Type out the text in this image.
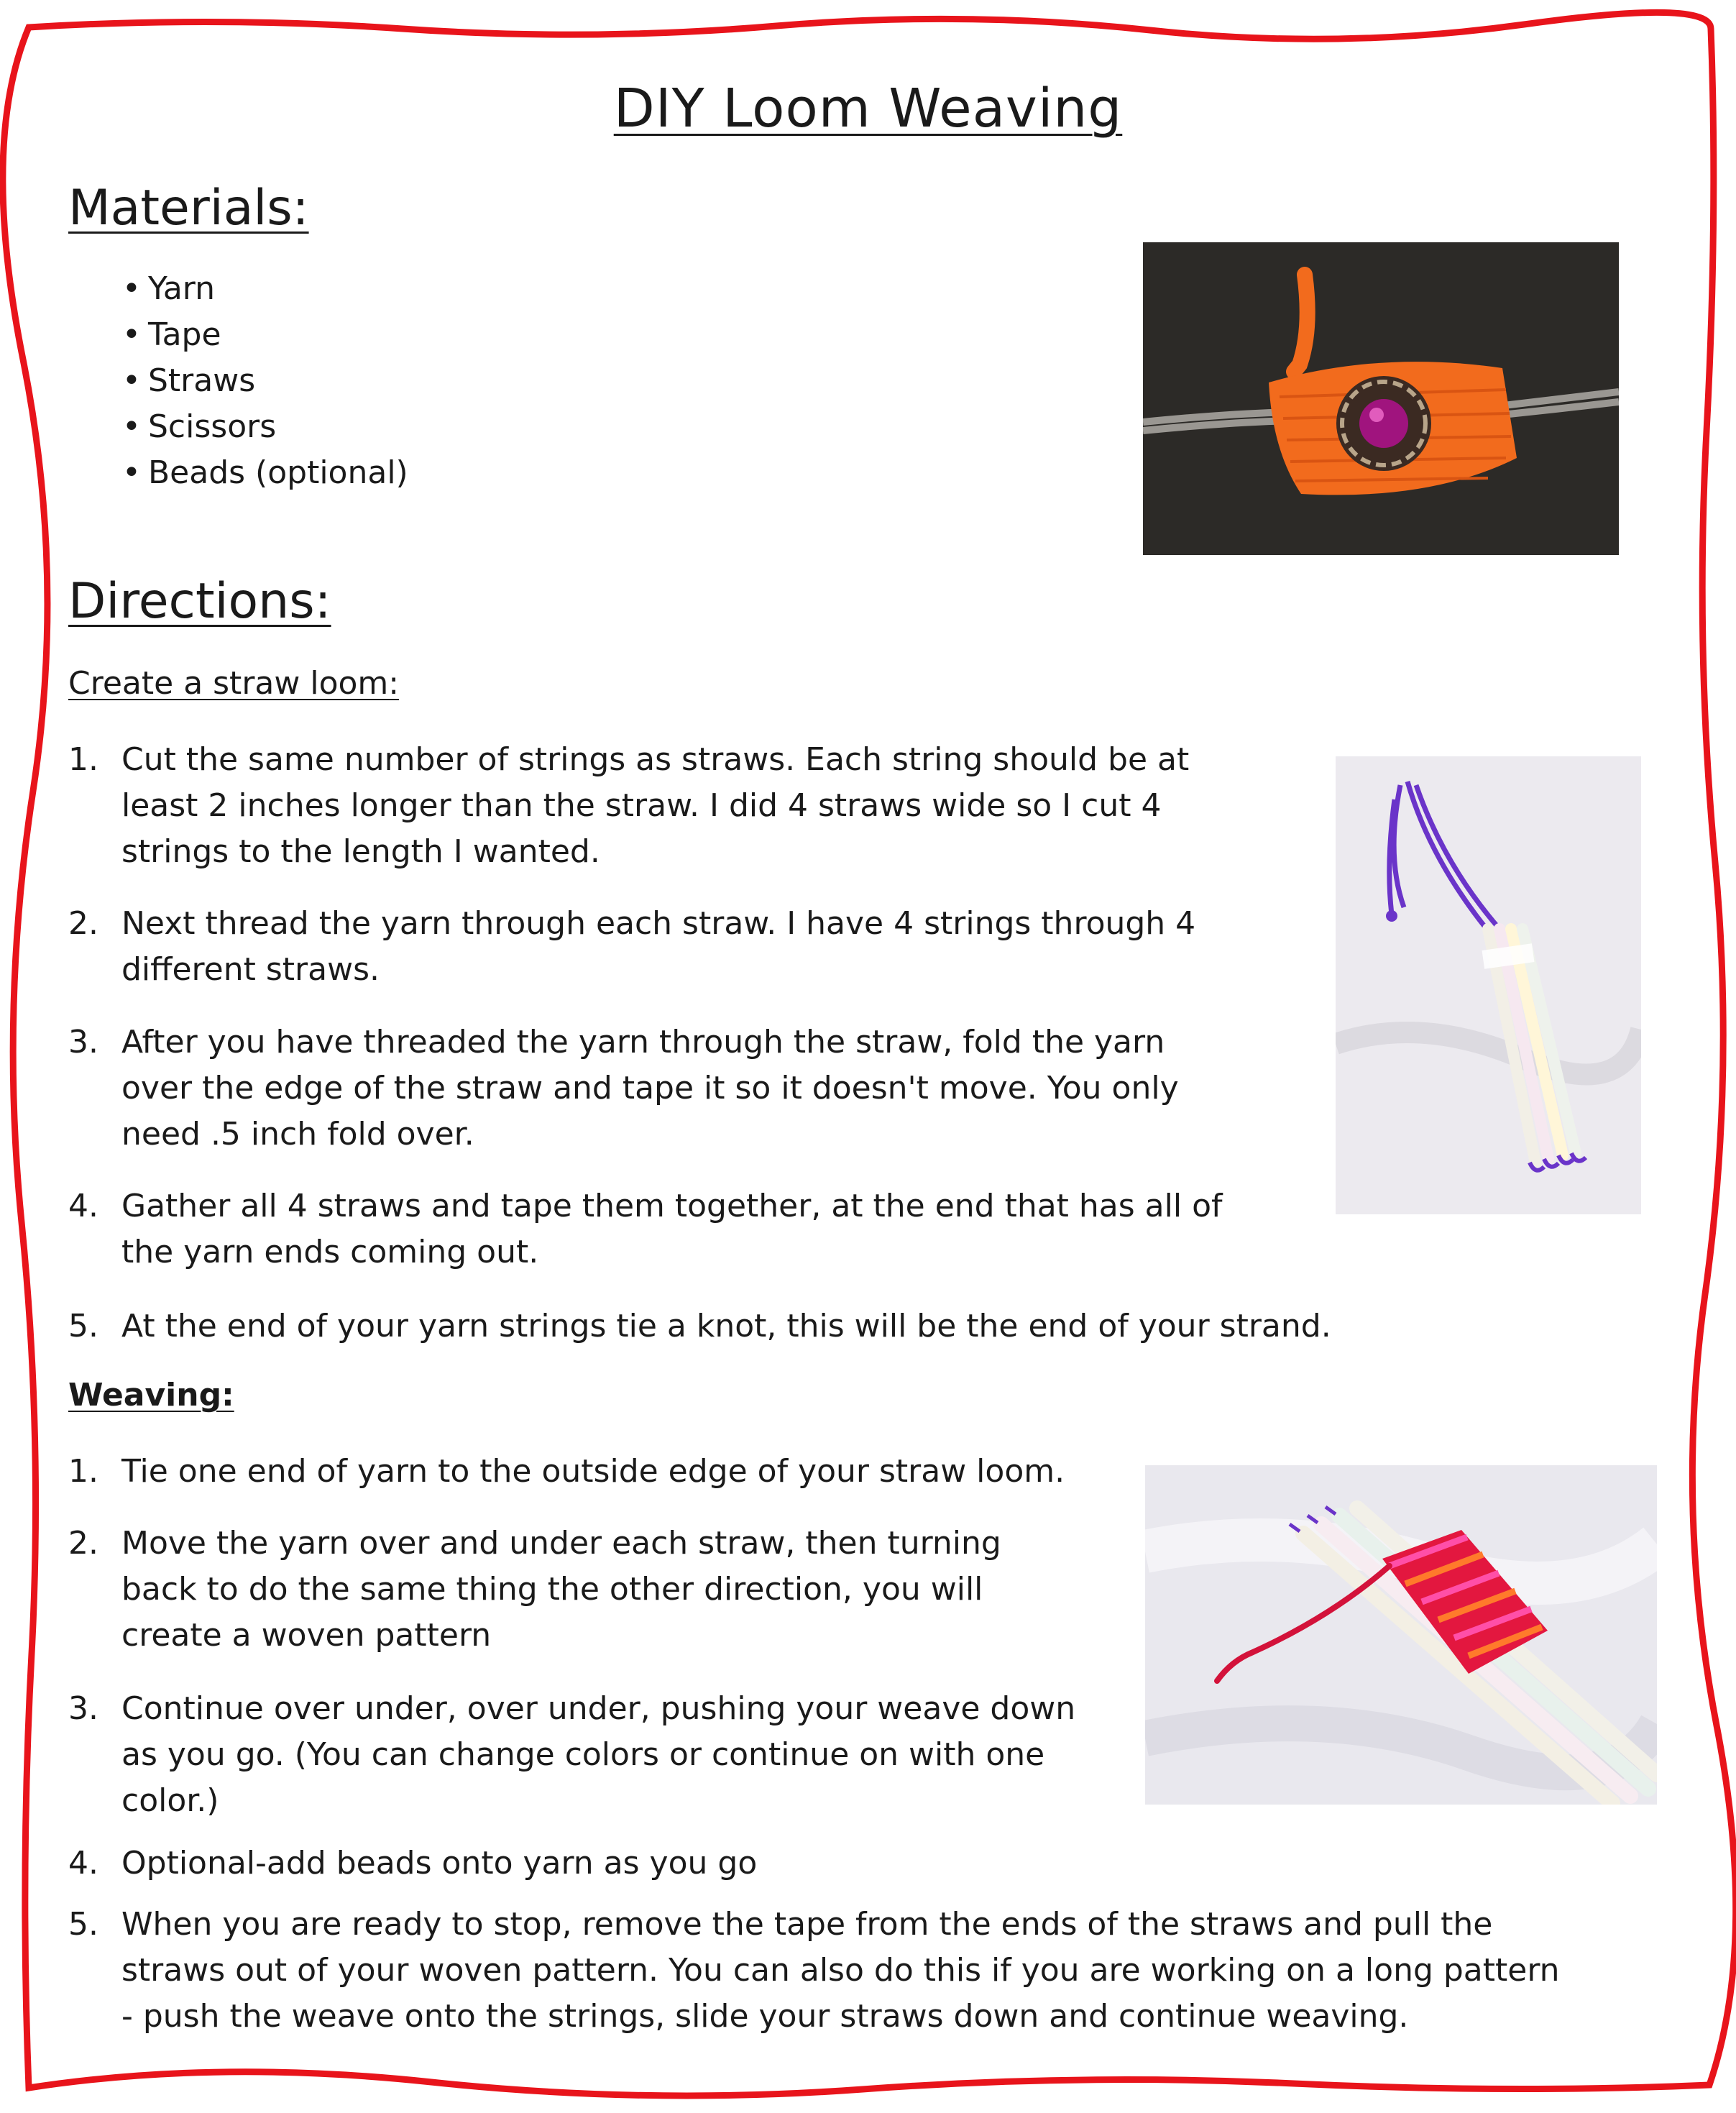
DIY Loom Weaving
Materials:
• Yarn
• Tape
• Straws
• Scissors
• Beads (optional)
Directions:
Create a straw loom:
1. Cut the same number of strings as straws. Each string should be at
least 2 inches longer than the straw. I did 4 straws wide so I cut 4
strings to the length I wanted.
2. Next thread the yarn through each straw. I have 4 strings through 4
different straws.
3. After you have threaded the yarn through the straw, fold the yarn
over the edge of the straw and tape it so it doesn't move. You only
need .5 inch fold over.
4. Gather all 4 straws and tape them together, at the end that has all of
the yarn ends coming out.
5. At the end of your yarn strings tie a knot, this will be the end of your strand.
Weaving:
1. Tie one end of yarn to the outside edge of your straw loom.
2. Move the yarn over and under each straw, then turning
back to do the same thing the other direction, you will
create a woven pattern
3. Continue over under, over under, pushing your weave down
as you go. (You can change colors or continue on with one
color.)
4. Optional-add beads onto yarn as you go
5. When you are ready to stop, remove the tape from the ends of the straws and pull the
straws out of your woven pattern. You can also do this if you are working on a long pattern
- push the weave onto the strings, slide your straws down and continue weaving.
